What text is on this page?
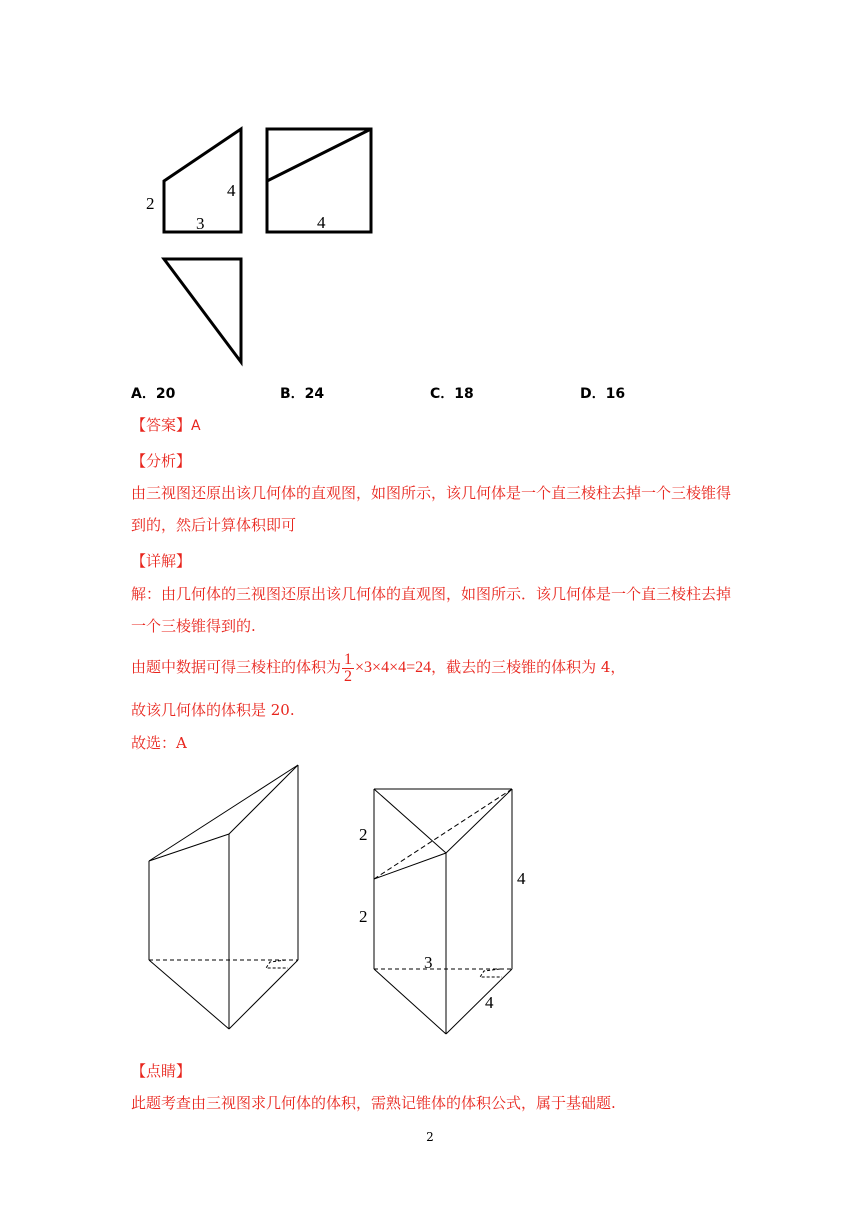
2
4
3	4
A．20	B．24	C．18	D．16
【答案】A
【分析】
由三视图还原出该几何体的直观图，如图所示，该几何体是一个直三棱柱去掉一个三棱锥得
到的，然后计算体积即可
【详解】
解：由几何体的三视图还原出该几何体的直观图，如图所示．该几何体是一个直三棱柱去掉
一个三棱锥得到的.
由题中数据可得三棱柱的体积为 $\frac{1}{2} \times 3\times 4\times 4=24$，截去的三棱锥的体积为 4，
故该几何体的体积是 20.
故选：A
2
2
4
3
4
【点睛】
此题考查由三视图求几何体的体积，需熟记锥体的体积公式，属于基础题.
2
